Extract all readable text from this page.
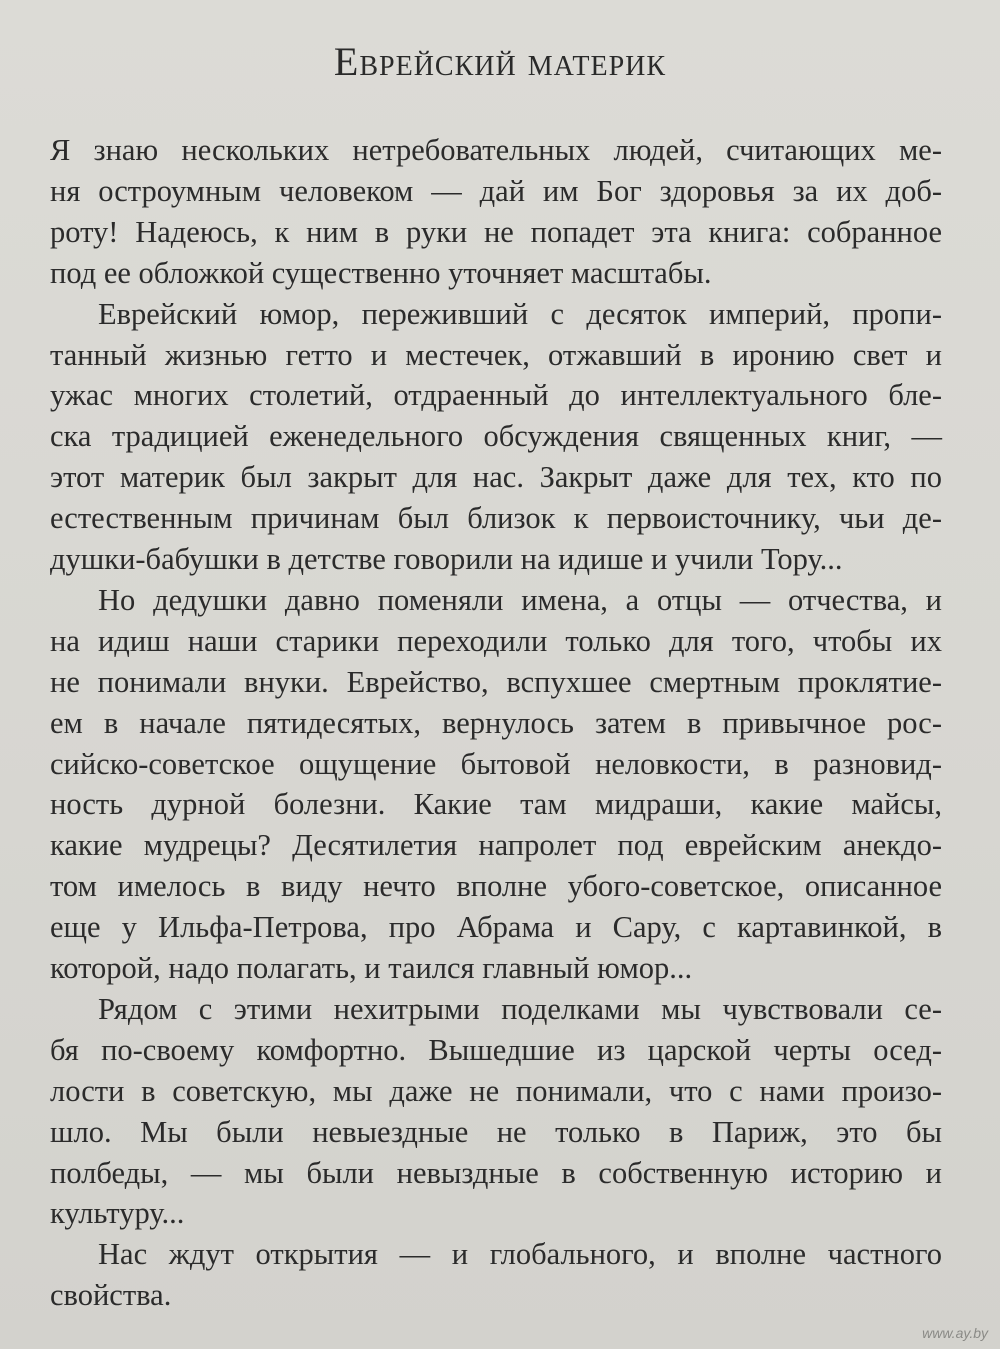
Еврейский материк
Я знаю нескольких нетребовательных людей, считающих ме-
ня остроумным человеком — дай им Бог здоровья за их доб-
роту! Надеюсь, к ним в руки не попадет эта книга: собранное
под ее обложкой существенно уточняет масштабы.
Еврейский юмор, переживший с десяток империй, пропи-
танный жизнью гетто и местечек, отжавший в иронию свет и
ужас многих столетий, отдраенный до интеллектуального бле-
ска традицией еженедельного обсуждения священных книг, —
этот материк был закрыт для нас. Закрыт даже для тех, кто по
естественным причинам был близок к первоисточнику, чьи де-
душки-бабушки в детстве говорили на идише и учили Тору...
Но дедушки давно поменяли имена, а отцы — отчества, и
на идиш наши старики переходили только для того, чтобы их
не понимали внуки. Еврейство, вспухшее смертным проклятие-
ем в начале пятидесятых, вернулось затем в привычное рос-
сийско-советское ощущение бытовой неловкости, в разновид-
ность дурной болезни. Какие там мидраши, какие майсы,
какие мудрецы? Десятилетия напролет под еврейским анекдо-
том имелось в виду нечто вполне убого-советское, описанное
еще у Ильфа-Петрова, про Абрама и Сару, с картавинкой, в
которой, надо полагать, и таился главный юмор...
Рядом с этими нехитрыми поделками мы чувствовали се-
бя по-своему комфортно. Вышедшие из царской черты осед-
лости в советскую, мы даже не понимали, что с нами произо-
шло. Мы были невыездные не только в Париж, это бы
полбеды, — мы были невыздные в собственную историю и
культуру...
Нас ждут открытия — и глобального, и вполне частного
свойства.
www.ay.by
